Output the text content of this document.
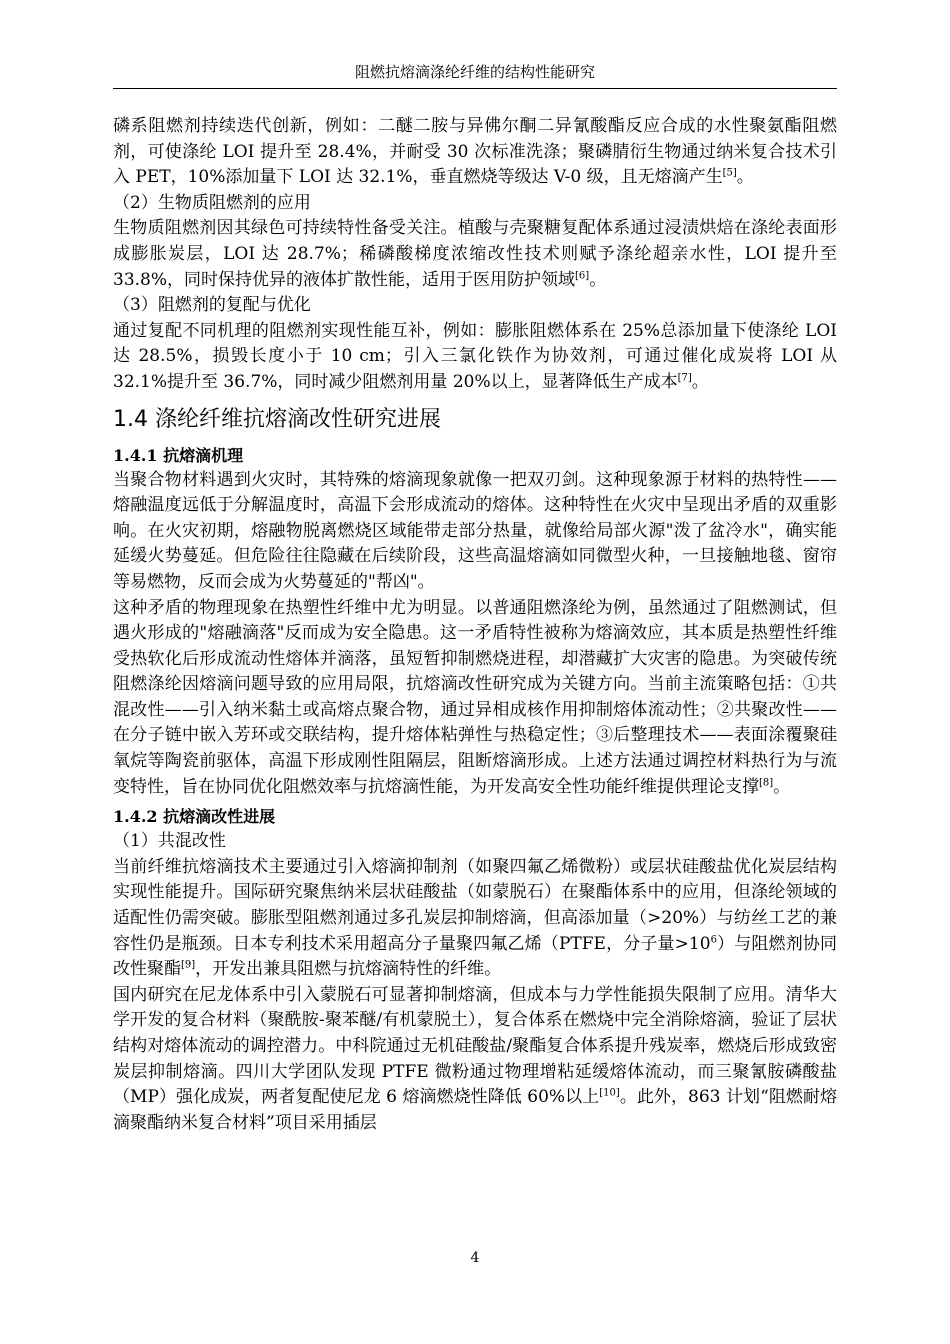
阻燃抗熔滴涤纶纤维的结构性能研究

磷系阻燃剂持续迭代创新，例如：二醚二胺与异佛尔酮二异氰酸酯反应合成的水性聚氨酯阻燃剂，可使涤纶 LOI 提升至 28.4%，并耐受 30 次标准洗涤；聚磷腈衍生物通过纳米复合技术引入 PET，10%添加量下 LOI 达 32.1%，垂直燃烧等级达 V-0 级，且无熔滴产生[5]。

（2）生物质阻燃剂的应用

生物质阻燃剂因其绿色可持续特性备受关注。植酸与壳聚糖复配体系通过浸渍烘焙在涤纶表面形成膨胀炭层，LOI 达 28.7%；稀磷酸梯度浓缩改性技术则赋予涤纶超亲水性，LOI 提升至 33.8%，同时保持优异的液体扩散性能，适用于医用防护领域[6]。

（3）阻燃剂的复配与优化

通过复配不同机理的阻燃剂实现性能互补，例如：膨胀阻燃体系在 25%总添加量下使涤纶 LOI 达 28.5%，损毁长度小于 10 cm；引入三氯化铁作为协效剂，可通过催化成炭将 LOI 从 32.1%提升至 36.7%，同时减少阻燃剂用量 20%以上，显著降低生产成本[7]。

1.4 涤纶纤维抗熔滴改性研究进展
1.4.1 抗熔滴机理

当聚合物材料遇到火灾时，其特殊的熔滴现象就像一把双刃剑。这种现象源于材料的热特性——熔融温度远低于分解温度时，高温下会形成流动的熔体。这种特性在火灾中呈现出矛盾的双重影响。在火灾初期，熔融物脱离燃烧区域能带走部分热量，就像给局部火源"泼了盆冷水"，确实能延缓火势蔓延。但危险往往隐藏在后续阶段，这些高温熔滴如同微型火种，一旦接触地毯、窗帘等易燃物，反而会成为火势蔓延的"帮凶"。

这种矛盾的物理现象在热塑性纤维中尤为明显。以普通阻燃涤纶为例，虽然通过了阻燃测试，但遇火形成的"熔融滴落"反而成为安全隐患。这一矛盾特性被称为熔滴效应，其本质是热塑性纤维受热软化后形成流动性熔体并滴落，虽短暂抑制燃烧进程，却潜藏扩大灾害的隐患。为突破传统阻燃涤纶因熔滴问题导致的应用局限，抗熔滴改性研究成为关键方向。当前主流策略包括：①共混改性——引入纳米黏土或高熔点聚合物，通过异相成核作用抑制熔体流动性；②共聚改性——在分子链中嵌入芳环或交联结构，提升熔体粘弹性与热稳定性；③后整理技术——表面涂覆聚硅氧烷等陶瓷前驱体，高温下形成刚性阻隔层，阻断熔滴形成。上述方法通过调控材料热行为与流变特性，旨在协同优化阻燃效率与抗熔滴性能，为开发高安全性功能纤维提供理论支撑[8]。

1.4.2 抗熔滴改性进展

（1）共混改性

当前纤维抗熔滴技术主要通过引入熔滴抑制剂（如聚四氟乙烯微粉）或层状硅酸盐优化炭层结构实现性能提升。国际研究聚焦纳米层状硅酸盐（如蒙脱石）在聚酯体系中的应用，但涤纶领域的适配性仍需突破。膨胀型阻燃剂通过多孔炭层抑制熔滴，但高添加量（>20%）与纺丝工艺的兼容性仍是瓶颈。日本专利技术采用超高分子量聚四氟乙烯（PTFE，分子量$>10^6$）与阻燃剂协同改性聚酯[9]，开发出兼具阻燃与抗熔滴特性的纤维。

国内研究在尼龙体系中引入蒙脱石可显著抑制熔滴，但成本与力学性能损失限制了应用。清华大学开发的复合材料（聚酰胺-聚苯醚/有机蒙脱土），复合体系在燃烧中完全消除熔滴，验证了层状结构对熔体流动的调控潜力。中科院通过无机硅酸盐/聚酯复合体系提升残炭率，燃烧后形成致密炭层抑制熔滴。四川大学团队发现 PTFE 微粉通过物理增粘延缓熔体流动，而三聚氰胺磷酸盐（MP）强化成炭，两者复配使尼龙 6 熔滴燃烧性降低 60%以上[10]。此外，863 计划“阻燃耐熔滴聚酯纳米复合材料”项目采用插层

4
